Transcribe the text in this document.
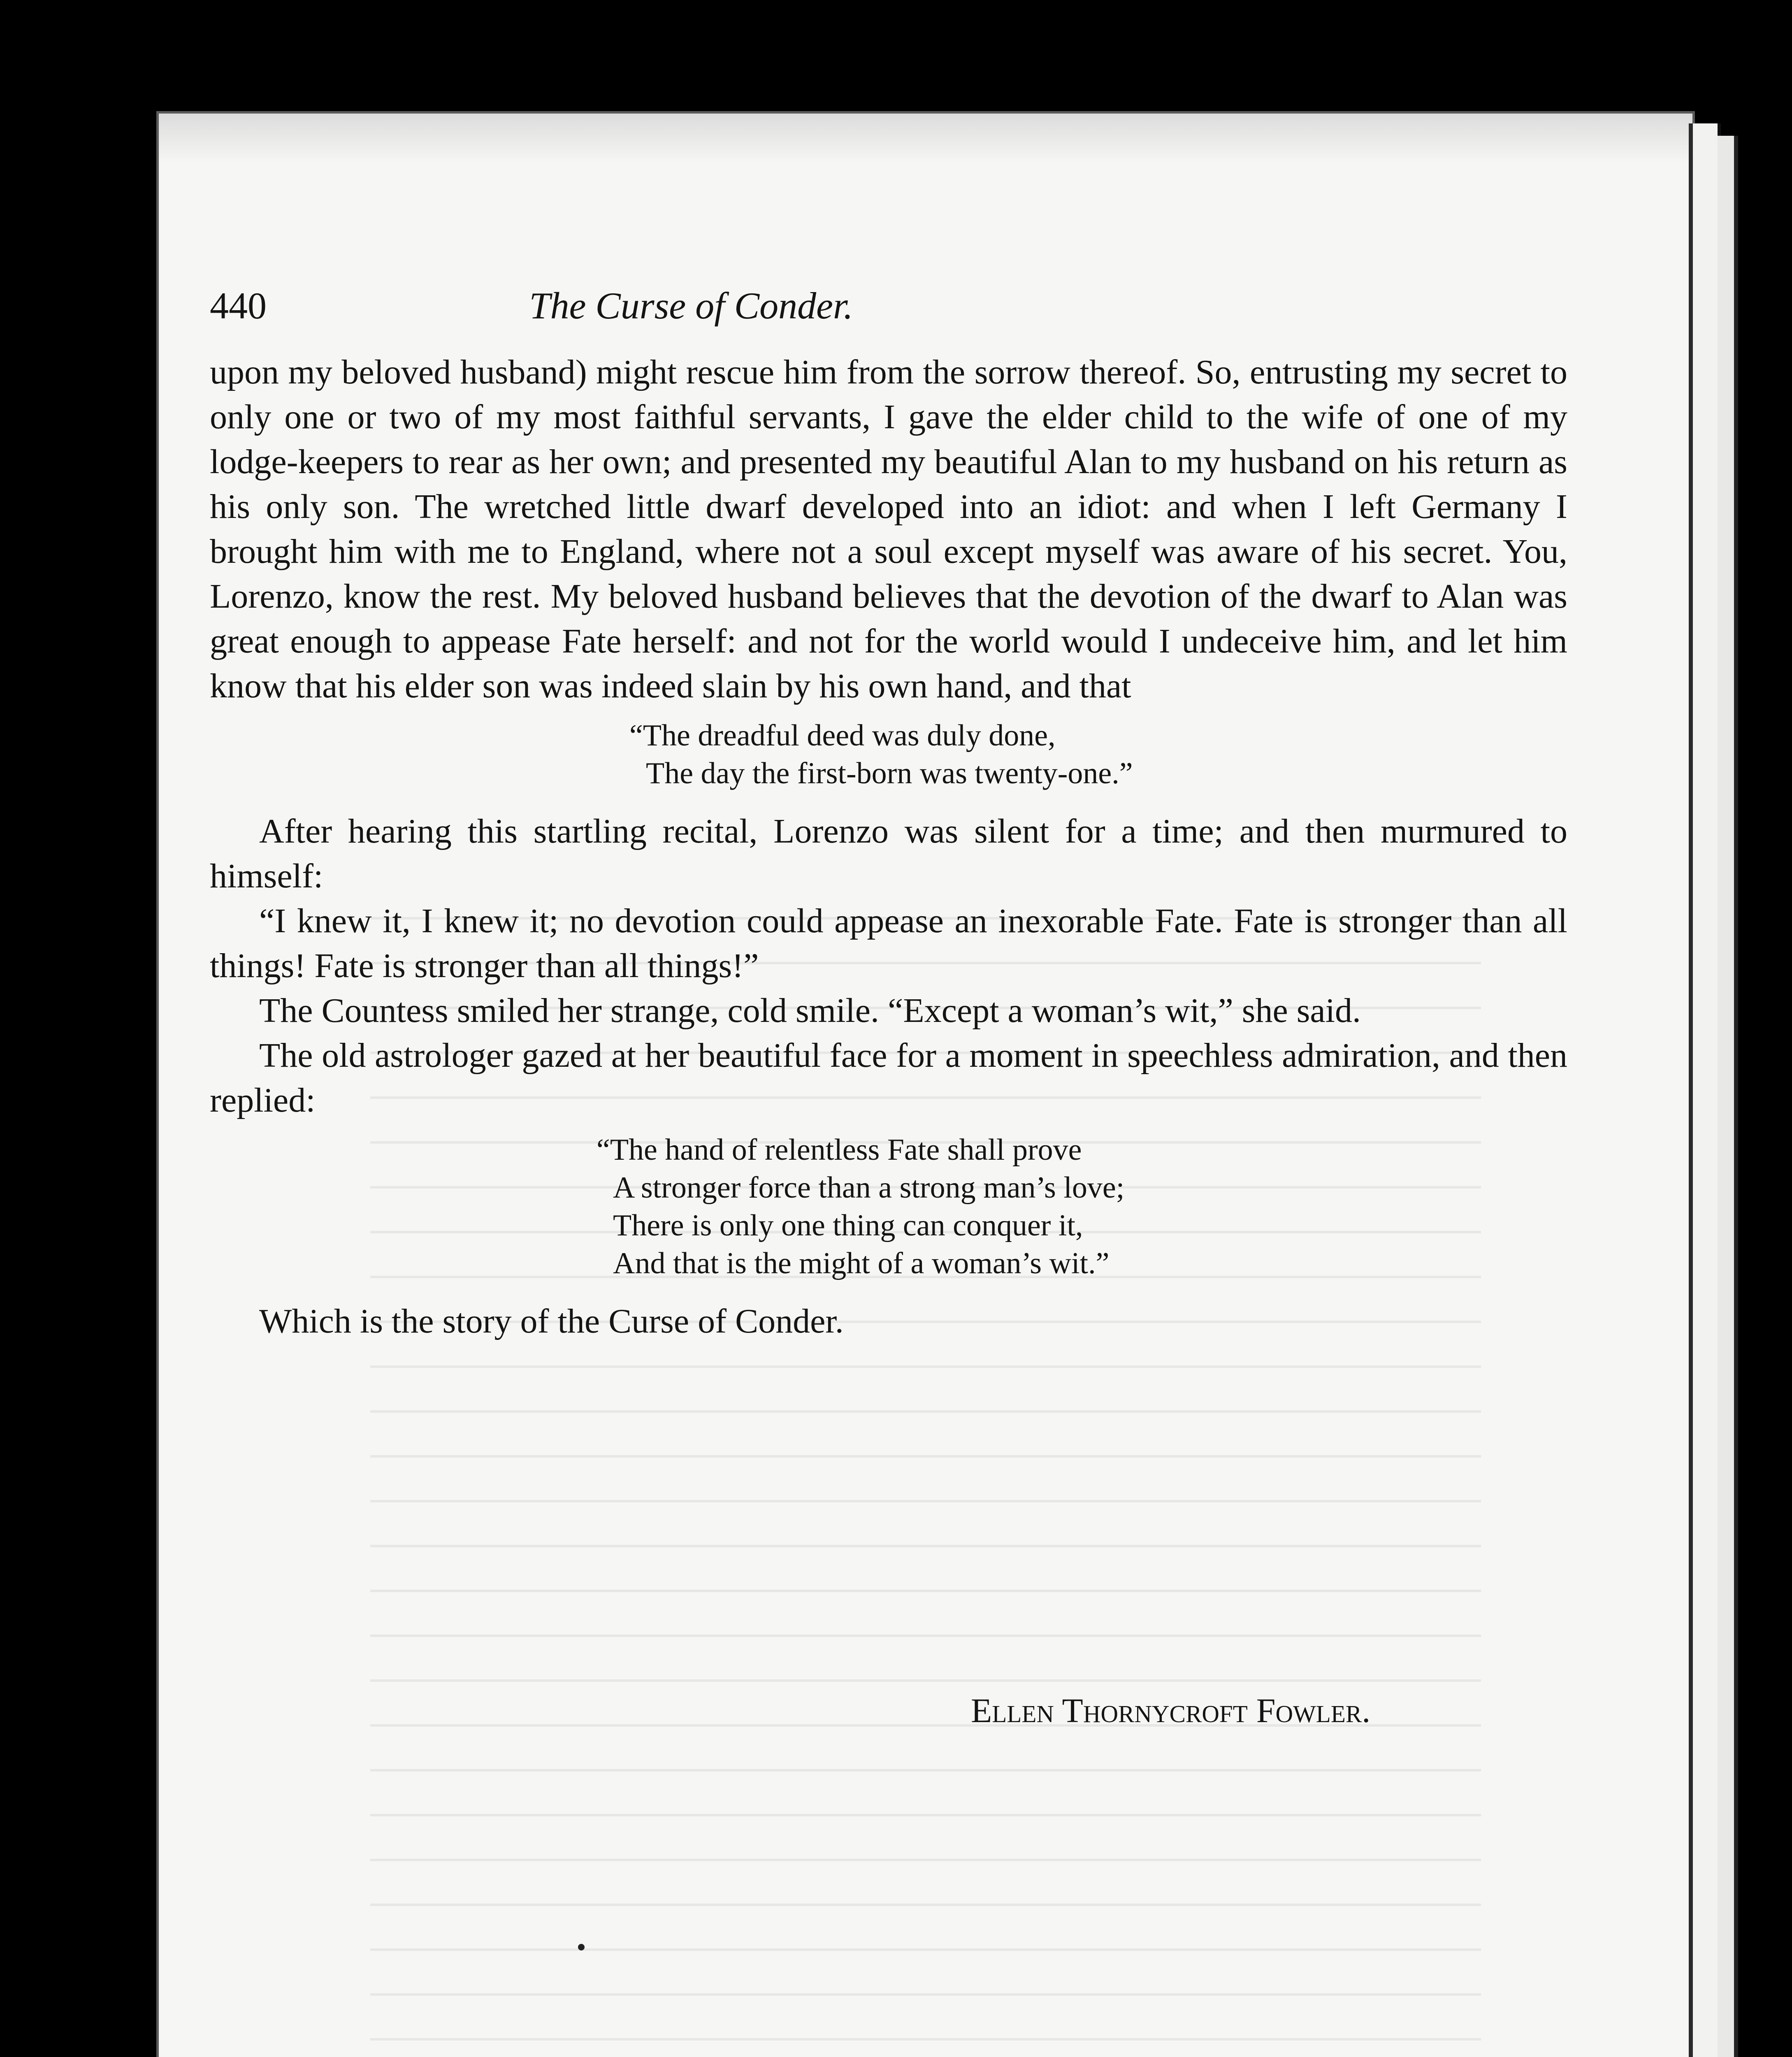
440	The Curse of Conder.

upon my beloved husband) might rescue him from the sorrow thereof. So, entrusting my secret to only one or two of my most faithful servants, I gave the elder child to the wife of one of my lodge-keepers to rear as her own; and presented my beautiful Alan to my husband on his return as his only son. The wretched little dwarf developed into an idiot: and when I left Germany I brought him with me to England, where not a soul except myself was aware of his secret. You, Lorenzo, know the rest. My beloved husband believes that the devotion of the dwarf to Alan was great enough to appease Fate herself: and not for the world would I undeceive him, and let him know that his elder son was indeed slain by his own hand, and that

“The dreadful deed was duly done,
The day the first-born was twenty-one.”

After hearing this startling recital, Lorenzo was silent for a time; and then murmured to himself:

“I knew it, I knew it; no devotion could appease an inexorable Fate. Fate is stronger than all things! Fate is stronger than all things!”

The Countess smiled her strange, cold smile. “Except a woman’s wit,” she said.

The old astrologer gazed at her beautiful face for a moment in speechless admiration, and then replied:

“The hand of relentless Fate shall prove
A stronger force than a strong man’s love;
There is only one thing can conquer it,
And that is the might of a woman’s wit.”

Which is the story of the Curse of Conder.

Ellen Thornycroft Fowler.
